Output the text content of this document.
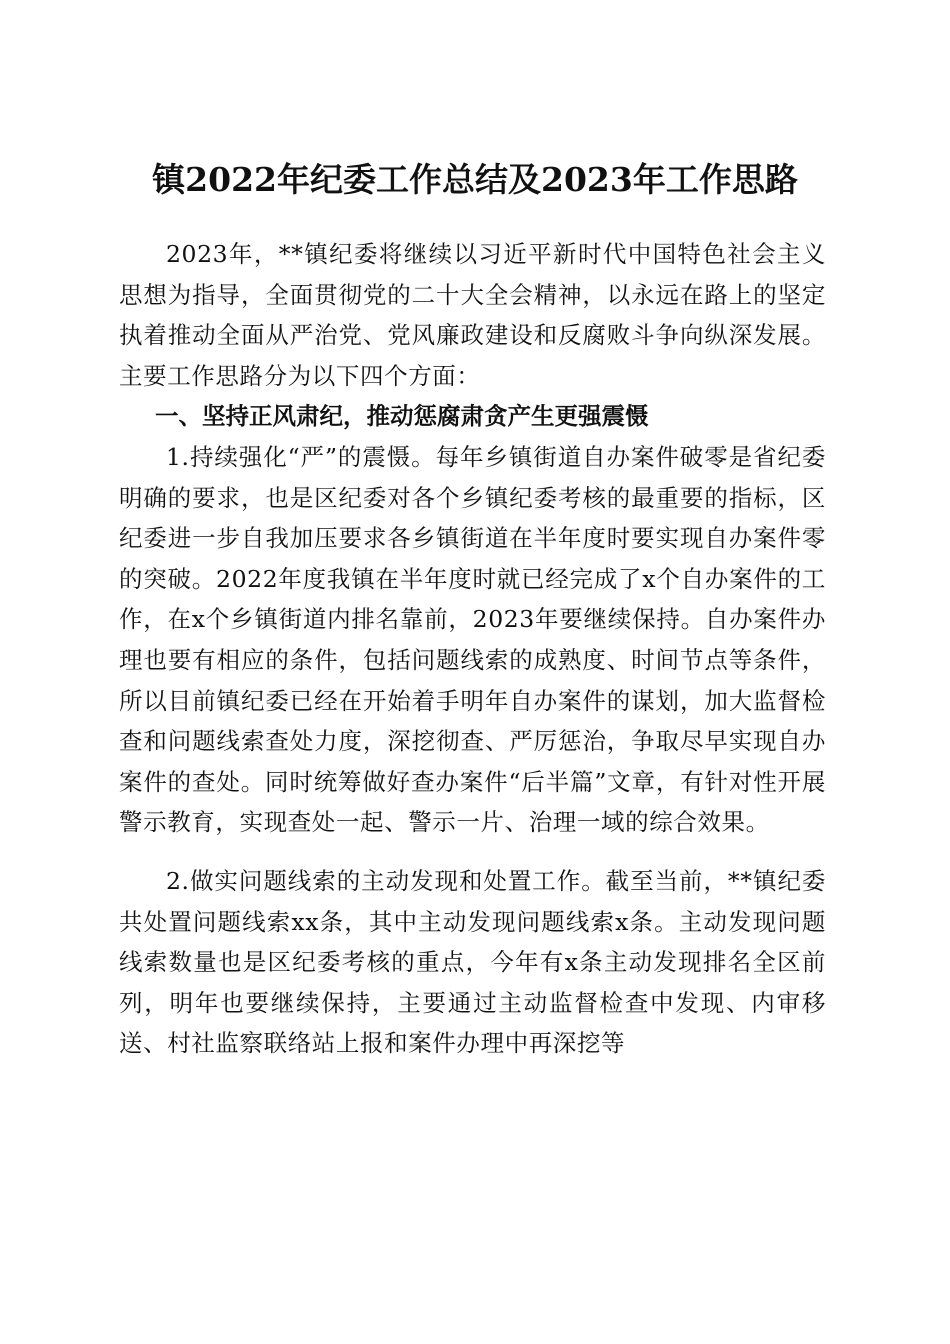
镇2022年纪委工作总结及2023年工作思路

2023年，**镇纪委将继续以习近平新时代中国特色社会主义思想为指导，全面贯彻党的二十大全会精神，以永远在路上的坚定执着推动全面从严治党、党风廉政建设和反腐败斗争向纵深发展。主要工作思路分为以下四个方面：

一、坚持正风肃纪，推动惩腐肃贪产生更强震慑

1.持续强化“严”的震慑。每年乡镇街道自办案件破零是省纪委明确的要求，也是区纪委对各个乡镇纪委考核的最重要的指标，区纪委进一步自我加压要求各乡镇街道在半年度时要实现自办案件零的突破。2022年度我镇在半年度时就已经完成了x个自办案件的工作，在x个乡镇街道内排名靠前，2023年要继续保持。自办案件办理也要有相应的条件，包括问题线索的成熟度、时间节点等条件，所以目前镇纪委已经在开始着手明年自办案件的谋划，加大监督检查和问题线索查处力度，深挖彻查、严厉惩治，争取尽早实现自办案件的查处。同时统筹做好查办案件“后半篇”文章，有针对性开展警示教育，实现查处一起、警示一片、治理一域的综合效果。

2.做实问题线索的主动发现和处置工作。截至当前，**镇纪委共处置问题线索xx条，其中主动发现问题线索x条。主动发现问题线索数量也是区纪委考核的重点，今年有x条主动发现排名全区前列，明年也要继续保持，主要通过主动监督检查中发现、内审移送、村社监察联络站上报和案件办理中再深挖等
